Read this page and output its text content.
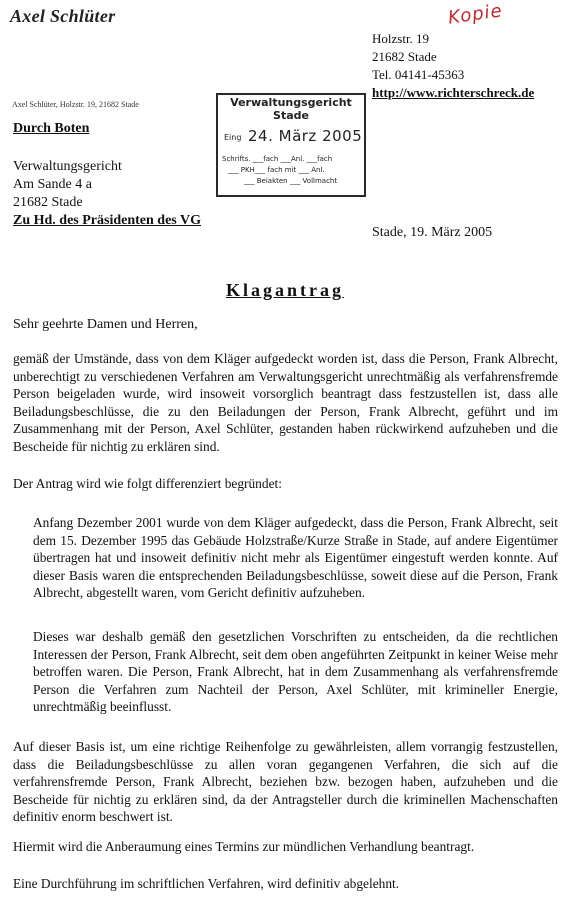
Axel Schlüter	Kopie
Holzstr. 19
21682 Stade
Tel. 04141-45363
http://www.richterschreck.de
Axel Schlüter, Holzstr. 19, 21682 Stade	Verwaltungsgericht
Stade
Eing 24. März 2005
Schrifts. ___fach ___Anl. ___fach
___ PKH___ fach mit ___ Anl.
___ Beiakten ___ Vollmacht
Durch Boten
Verwaltungsgericht
Am Sande 4 a
21682 Stade
Zu Hd. des Präsidenten des VG
Stade, 19. März 2005
Klagantrag
Sehr geehrte Damen und Herren,
gemäß der Umstände, dass von dem Kläger aufgedeckt worden ist, dass die Person, Frank Albrecht, unberechtigt zu verschiedenen Verfahren am Verwaltungsgericht unrechtmäßig als verfahrensfremde Person beigeladen wurde, wird insoweit vorsorglich beantragt dass festzustellen ist, dass alle Beiladungsbeschlüsse, die zu den Beiladungen der Person, Frank Albrecht, geführt und im Zusammenhang mit der Person, Axel Schlüter, gestanden haben rückwirkend aufzuheben und die Bescheide für nichtig zu erklären sind.
Der Antrag wird wie folgt differenziert begründet:
Anfang Dezember 2001 wurde von dem Kläger aufgedeckt, dass die Person, Frank Albrecht, seit dem 15. Dezember 1995 das Gebäude Holzstraße/Kurze Straße in Stade, auf andere Eigentümer übertragen hat und insoweit definitiv nicht mehr als Eigentümer eingestuft werden konnte. Auf dieser Basis waren die entsprechenden Beiladungsbeschlüsse, soweit diese auf die Person, Frank Albrecht, abgestellt waren, vom Gericht definitiv aufzuheben.
Dieses war deshalb gemäß den gesetzlichen Vorschriften zu entscheiden, da die rechtlichen Interessen der Person, Frank Albrecht, seit dem oben angeführten Zeitpunkt in keiner Weise mehr betroffen waren. Die Person, Frank Albrecht, hat in dem Zusammenhang als verfahrensfremde Person die Verfahren zum Nachteil der Person, Axel Schlüter, mit krimineller Energie, unrechtmäßig beeinflusst.
Auf dieser Basis ist, um eine richtige Reihenfolge zu gewährleisten, allem vorrangig festzustellen, dass die Beiladungsbeschlüsse zu allen voran gegangenen Verfahren, die sich auf die verfahrensfremde Person, Frank Albrecht, beziehen bzw. bezogen haben, aufzuheben und die Bescheide für nichtig zu erklären sind, da der Antragsteller durch die kriminellen Machenschaften definitiv enorm beschwert ist.
Hiermit wird die Anberaumung eines Termins zur mündlichen Verhandlung beantragt.
Eine Durchführung im schriftlichen Verfahren, wird definitiv abgelehnt.
